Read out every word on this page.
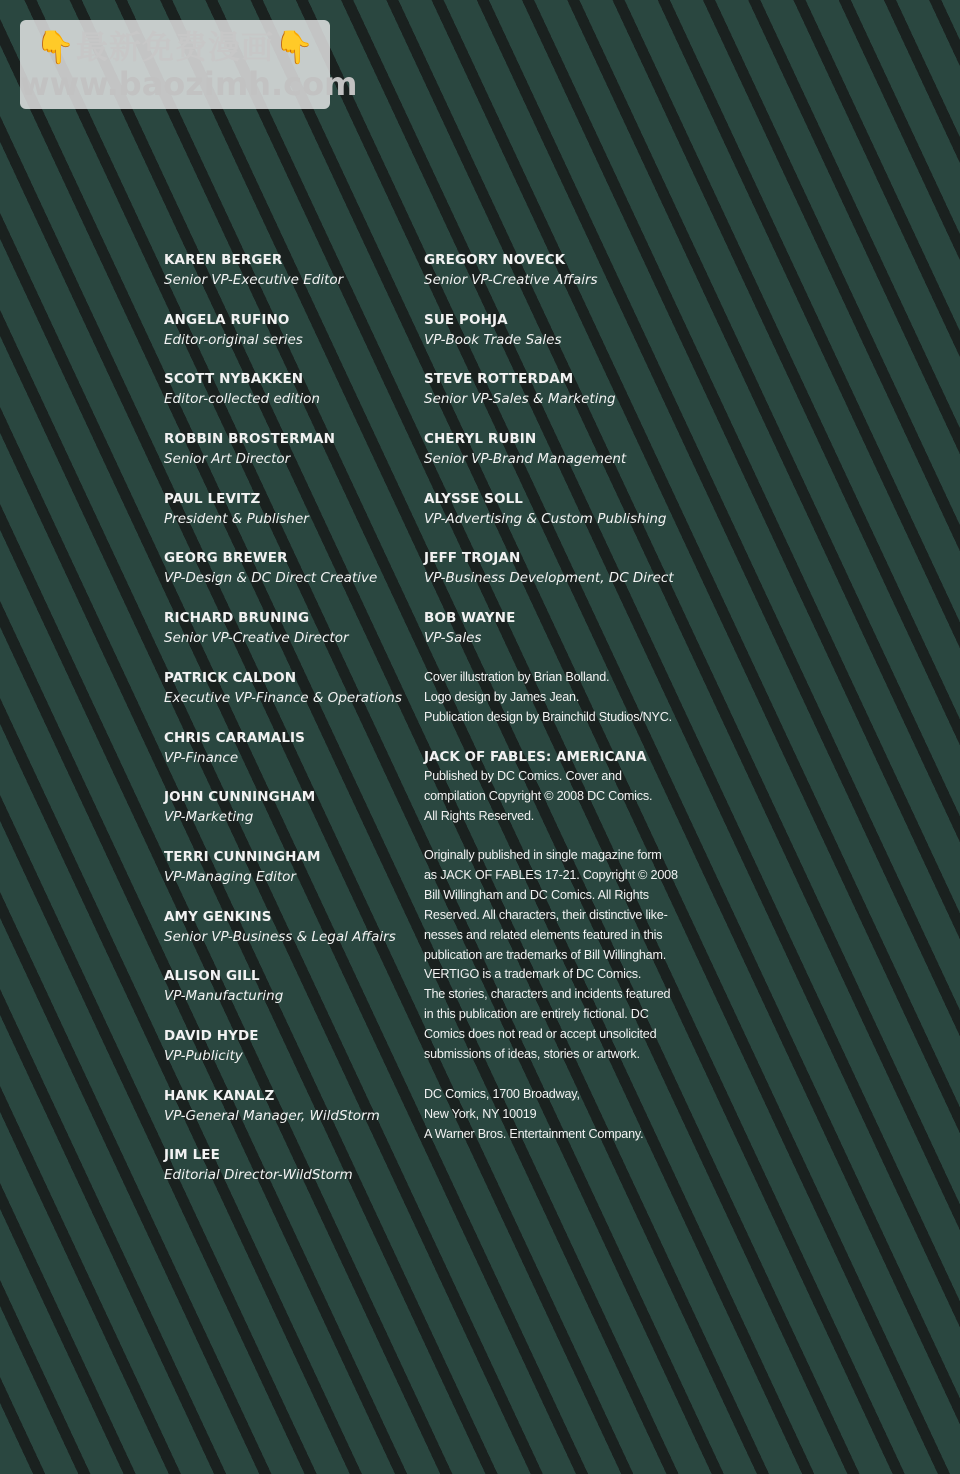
👇最新免费漫画👇
www.baozimh.com
KAREN BERGER
Senior VP-Executive Editor
ANGELA RUFINO
Editor-original series
SCOTT NYBAKKEN
Editor-collected edition
ROBBIN BROSTERMAN
Senior Art Director
PAUL LEVITZ
President & Publisher
GEORG BREWER
VP-Design & DC Direct Creative
RICHARD BRUNING
Senior VP-Creative Director
PATRICK CALDON
Executive VP-Finance & Operations
CHRIS CARAMALIS
VP-Finance
JOHN CUNNINGHAM
VP-Marketing
TERRI CUNNINGHAM
VP-Managing Editor
AMY GENKINS
Senior VP-Business & Legal Affairs
ALISON GILL
VP-Manufacturing
DAVID HYDE
VP-Publicity
HANK KANALZ
VP-General Manager, WildStorm
JIM LEE
Editorial Director-WildStorm
GREGORY NOVECK
Senior VP-Creative Affairs
SUE POHJA
VP-Book Trade Sales
STEVE ROTTERDAM
Senior VP-Sales & Marketing
CHERYL RUBIN
Senior VP-Brand Management
ALYSSE SOLL
VP-Advertising & Custom Publishing
JEFF TROJAN
VP-Business Development, DC Direct
BOB WAYNE
VP-Sales
Cover illustration by Brian Bolland.
Logo design by James Jean.
Publication design by Brainchild Studios/NYC.
JACK OF FABLES: AMERICANA
Published by DC Comics. Cover and
compilation Copyright © 2008 DC Comics.
All Rights Reserved.
Originally published in single magazine form
as JACK OF FABLES 17-21. Copyright © 2008
Bill Willingham and DC Comics. All Rights
Reserved. All characters, their distinctive like-
nesses and related elements featured in this
publication are trademarks of Bill Willingham.
VERTIGO is a trademark of DC Comics.
The stories, characters and incidents featured
in this publication are entirely fictional. DC
Comics does not read or accept unsolicited
submissions of ideas, stories or artwork.
DC Comics, 1700 Broadway,
New York, NY 10019
A Warner Bros. Entertainment Company.
